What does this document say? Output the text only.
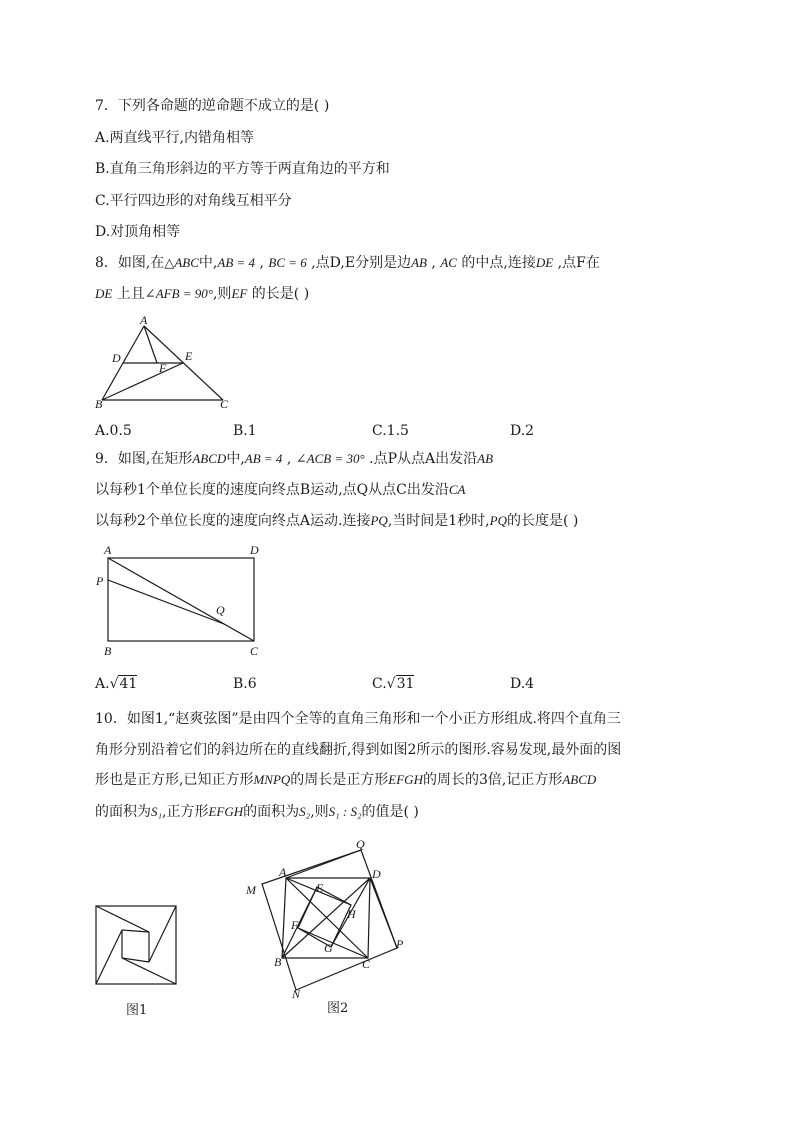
7．下列各命题的逆命题不成立的是( )
A.两直线平行,内错角相等
B.直角三角形斜边的平方等于两直角边的平方和
C.平行四边形的对角线互相平分
D.对顶角相等
8．如图,在△ABC中,AB = 4 , BC = 6 ,点D,E分别是边AB , AC 的中点,连接DE ,点F在
DE 上且∠AFB = 90°,则EF 的长是( )
A
D	E
F
B	C
A.0.5	B.1	C.1.5	D.2
9．如图,在矩形ABCD中,AB = 4 , ∠ACB = 30° .点P从点A出发沿AB
以每秒1个单位长度的速度向终点B运动,点Q从点C出发沿CA
以每秒2个单位长度的速度向终点A运动.连接PQ,当时间是1秒时,PQ的长度是( )
A	D
P
Q
B	C
A.√41	B.6	C.√31	D.4
10．如图1,“赵爽弦图”是由四个全等的直角三角形和一个小正方形组成.将四个直角三
角形分别沿着它们的斜边所在的直线翻折,得到如图2所示的图形.容易发现,最外面的图
形也是正方形,已知正方形MNPQ的周长是正方形EFGH的周长的3倍,记正方形ABCD
的面积为S₁,正方形EFGH的面积为S₂,则S₁ : S₂的值是( )
图1
A
Q
D
M	E
H
F
G
B	C
P
N
图2
